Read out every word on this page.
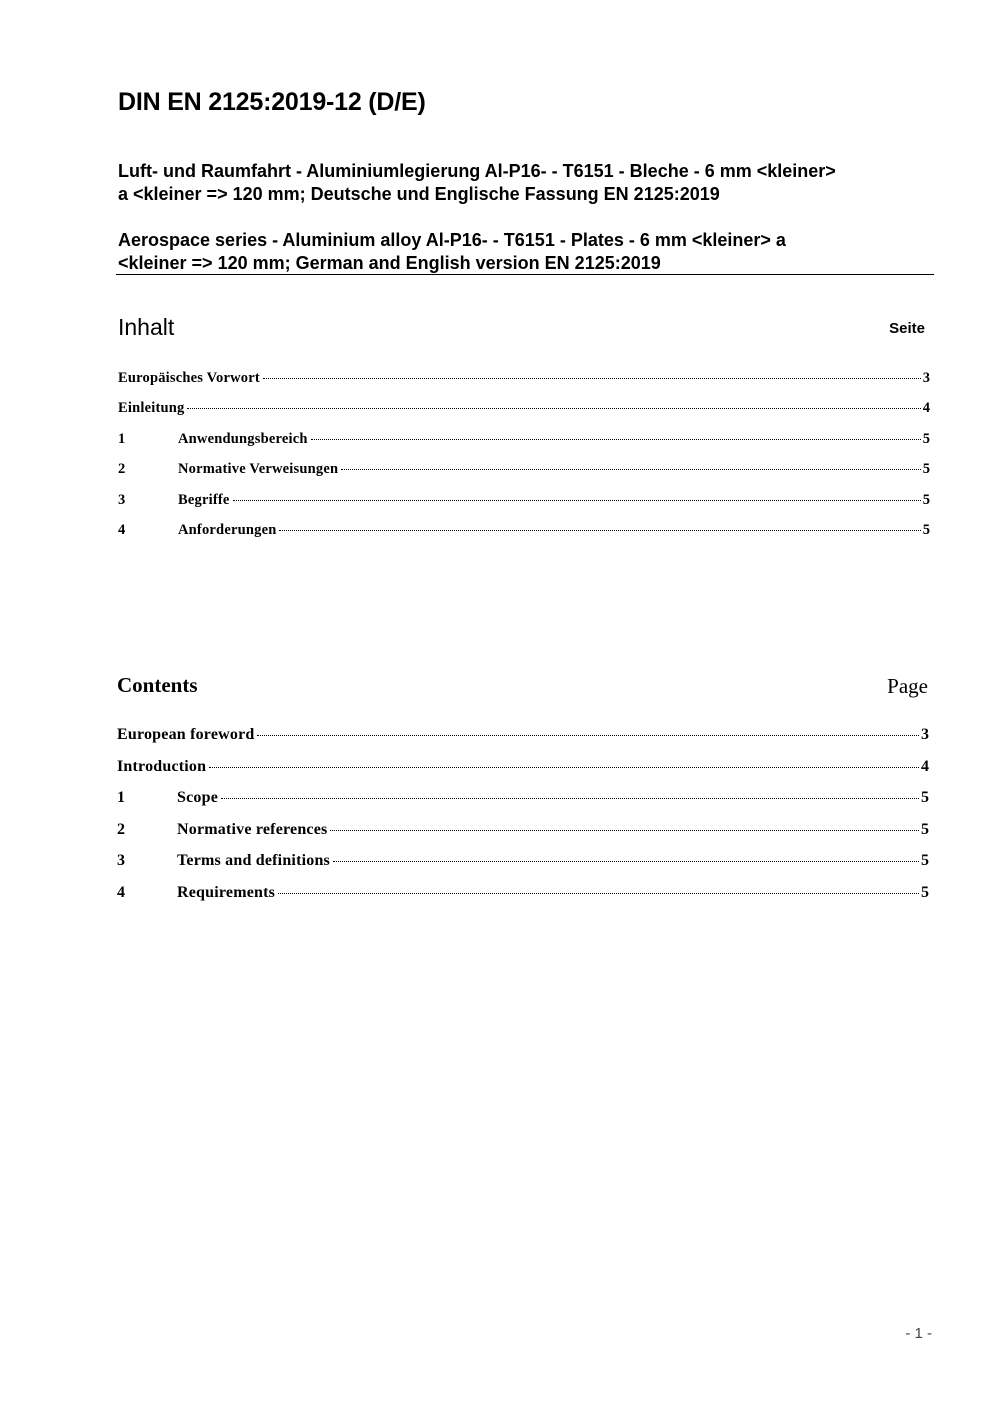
DIN EN 2125:2019-12 (D/E)
Luft- und Raumfahrt - Aluminiumlegierung Al-P16- - T6151 - Bleche - 6 mm <kleiner>
a <kleiner => 120 mm; Deutsche und Englische Fassung EN 2125:2019
Aerospace series - Aluminium alloy Al-P16- - T6151 - Plates - 6 mm <kleiner> a
<kleiner => 120 mm; German and English version EN 2125:2019
Inhalt	Seite
Europäisches Vorwort	3
Einleitung	4
1	Anwendungsbereich	5
2	Normative Verweisungen	5
3	Begriffe	5
4	Anforderungen	5
Contents	Page
European foreword	3
Introduction	4
1	Scope	5
2	Normative references	5
3	Terms and definitions	5
4	Requirements	5
- 1 -
